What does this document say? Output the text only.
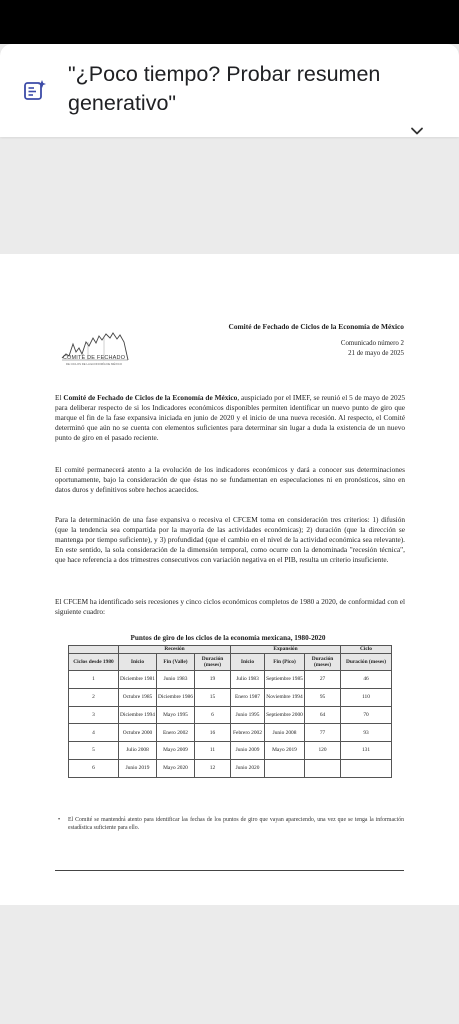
"¿Poco tiempo? Probar resumen generativo"
COMITÉ DE FECHADO
DE CICLOS DE LA ECONOMÍA DE MÉXICO
Comité de Fechado de Ciclos de la Economía de México
Comunicado número 2
21 de mayo de 2025

El Comité de Fechado de Ciclos de la Economía de México, auspiciado por el IMEF, se reunió el 5 de mayo de 2025 para deliberar respecto de si los Indicadores económicos disponibles permiten identificar un nuevo punto de giro que marque el fin de la fase expansiva iniciada en junio de 2020 y el inicio de una nueva recesión. Al respecto, el Comité determinó que aún no se cuenta con elementos suficientes para determinar sin lugar a duda la existencia de un nuevo punto de giro en el pasado reciente.

El comité permanecerá atento a la evolución de los indicadores económicos y dará a conocer sus determinaciones oportunamente, bajo la consideración de que éstas no se fundamentan en especulaciones ni en pronósticos, sino en datos duros y definitivos sobre hechos acaecidos.

Para la determinación de una fase expansiva o recesiva el CFCEM toma en consideración tres criterios: 1) difusión (que la tendencia sea compartida por la mayoría de las actividades económicas); 2) duración (que la dirección se mantenga por tiempo suficiente), y 3) profundidad (que el cambio en el nivel de la actividad económica sea relevante). En este sentido, la sola consideración de la dimensión temporal, como ocurre con la denominada "recesión técnica", que hace referencia a dos trimestres consecutivos con variación negativa en el PIB, resulta un criterio insuficiente.

El CFCEM ha identificado seis recesiones y cinco ciclos económicos completos de 1980 a 2020, de conformidad con el siguiente cuadro:

Puntos de giro de los ciclos de la economía mexicana, 1980-2020
	Recesión			Expansión			Ciclo
Ciclos desde 1980	Inicio	Fin (Valle)	Duración (meses)	Inicio	Fin (Pico)	Duración (meses)	Duración (meses)
1	Diciembre 1981	Junio 1983	19	Julio 1983	Septiembre 1985	27	46
2	Octubre 1985	Diciembre 1986	15	Enero 1987	Noviembre 1994	95	110
3	Diciembre 1994	Mayo 1995	6	Junio 1995	Septiembre 2000	64	70
4	Octubre 2000	Enero 2002	16	Febrero 2002	Junio 2008	77	93
5	Julio 2008	Mayo 2009	11	Junio 2009	Mayo 2019	120	131
6	Junio 2019	Mayo 2020	12	Junio 2020			
•	El Comité se mantendrá atento para identificar las fechas de los puntos de giro que vayan apareciendo, una vez que se tenga la información estadística suficiente para ello.
